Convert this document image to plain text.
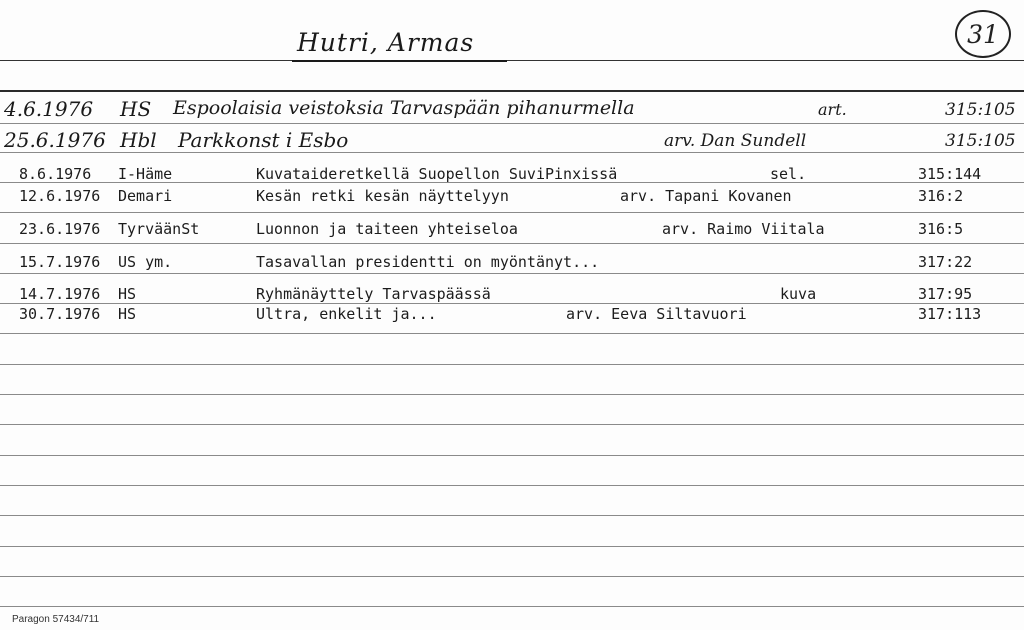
Hutri, Armas	31
4.6.1976 HS Espoolaisia veistoksia Tarvaspään pihanurmella	art.	315:105
25.6.1976 Hbl Parkkonst i Esbo	arv. Dan Sundell	315:105
8.6.1976 I-Häme	Kuvataideretkellä Suopellon SuviPinxissä	sel.	315:144
12.6.1976 Demari	Kesän retki kesän näyttelyyn	arv. Tapani Kovanen	316:2
23.6.1976 TyrväänSt	Luonnon ja taiteen yhteiseloa	arv. Raimo Viitala	316:5
15.7.1976 US ym.	Tasavallan presidentti on myöntänyt...	317:22
14.7.1976 HS	Ryhmänäyttely Tarvaspäässä	kuva	317:95
30.7.1976 HS	Ultra, enkelit ja...	arv. Eeva Siltavuori	317:113
Paragon 57434/711
